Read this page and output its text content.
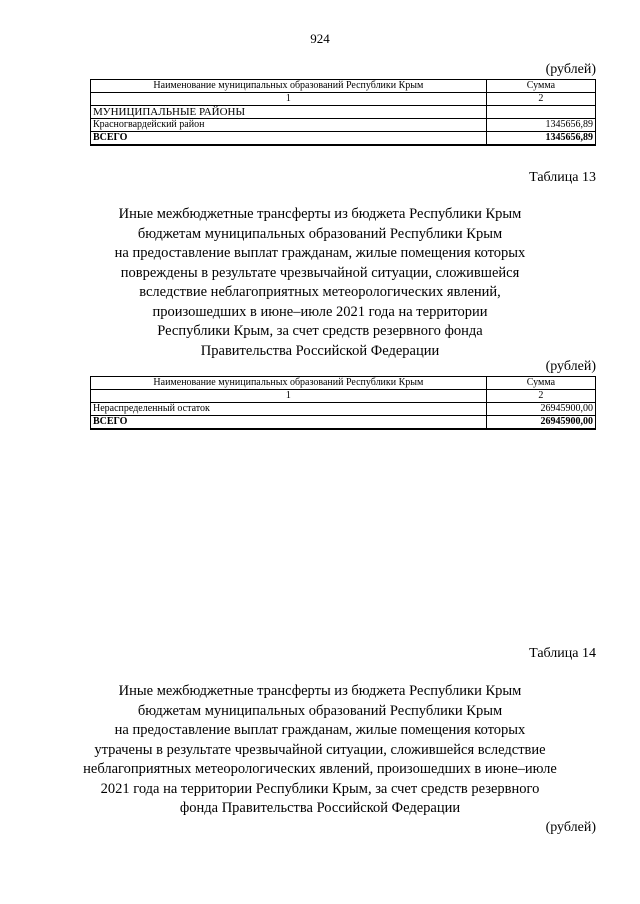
924
(рублей)
Наименование муниципальных образований Республики Крым	Сумма
1	2
МУНИЦИПАЛЬНЫЕ РАЙОНЫ	
Красногвардейский район	1345656,89
ВСЕГО	1345656,89
Таблица 13
Иные межбюджетные трансферты из бюджета Республики Крым
бюджетам муниципальных образований Республики Крым
на предоставление выплат гражданам, жилые помещения которых
повреждены в результате чрезвычайной ситуации, сложившейся
вследствие неблагоприятных метеорологических явлений,
произошедших в июне–июле 2021 года на территории
Республики Крым, за счет средств резервного фонда
Правительства Российской Федерации
(рублей)
Наименование муниципальных образований Республики Крым	Сумма
1	2
Нераспределенный остаток	26945900,00
ВСЕГО	26945900,00
Таблица 14
Иные межбюджетные трансферты из бюджета Республики Крым
бюджетам муниципальных образований Республики Крым
на предоставление выплат гражданам, жилые помещения которых
утрачены в результате чрезвычайной ситуации, сложившейся вследствие
неблагоприятных метеорологических явлений, произошедших в июне–июле
2021 года на территории Республики Крым, за счет средств резервного
фонда Правительства Российской Федерации
(рублей)
